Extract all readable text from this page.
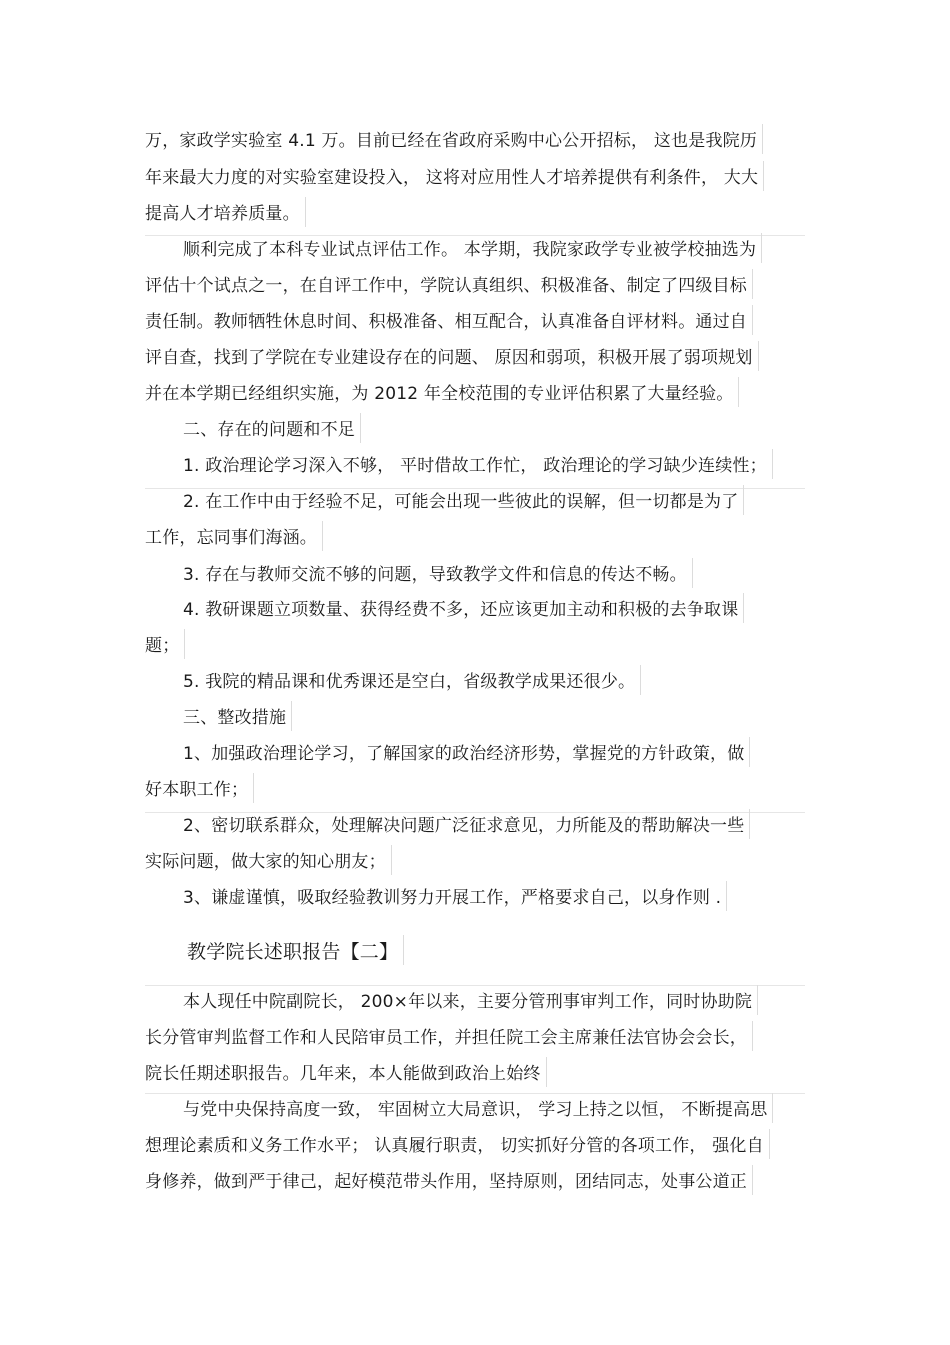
万，家政学实验室 4.1 万。目前已经在省政府采购中心公开招标， 这也是我院历
年来最大力度的对实验室建设投入， 这将对应用性人才培养提供有利条件， 大大
提高人才培养质量。
顺利完成了本科专业试点评估工作。 本学期，我院家政学专业被学校抽选为
评估十个试点之一，在自评工作中，学院认真组织、积极准备、制定了四级目标
责任制。教师牺牲休息时间、积极准备、相互配合，认真准备自评材料。通过自
评自查，找到了学院在专业建设存在的问题、 原因和弱项，积极开展了弱项规划
并在本学期已经组织实施，为 2012 年全校范围的专业评估积累了大量经验。
二、存在的问题和不足
1. 政治理论学习深入不够， 平时借故工作忙， 政治理论的学习缺少连续性；
2. 在工作中由于经验不足，可能会出现一些彼此的误解，但一切都是为了
工作，忘同事们海涵。
3. 存在与教师交流不够的问题，导致教学文件和信息的传达不畅。
4. 教研课题立项数量、获得经费不多，还应该更加主动和积极的去争取课
题；
5. 我院的精品课和优秀课还是空白，省级教学成果还很少。
三、整改措施
1、加强政治理论学习，了解国家的政治经济形势，掌握党的方针政策，做
好本职工作；
2、密切联系群众，处理解决问题广泛征求意见，力所能及的帮助解决一些
实际问题，做大家的知心朋友；
3、谦虚谨慎，吸取经验教训努力开展工作，严格要求自己，以身作则 .
教学院长述职报告【二】
本人现任中院副院长， 200×年以来，主要分管刑事审判工作，同时协助院
长分管审判监督工作和人民陪审员工作，并担任院工会主席兼任法官协会会长，
院长任期述职报告。几年来，本人能做到政治上始终
与党中央保持高度一致， 牢固树立大局意识， 学习上持之以恒， 不断提高思
想理论素质和义务工作水平； 认真履行职责， 切实抓好分管的各项工作， 强化自
身修养，做到严于律己，起好模范带头作用，坚持原则，团结同志，处事公道正
